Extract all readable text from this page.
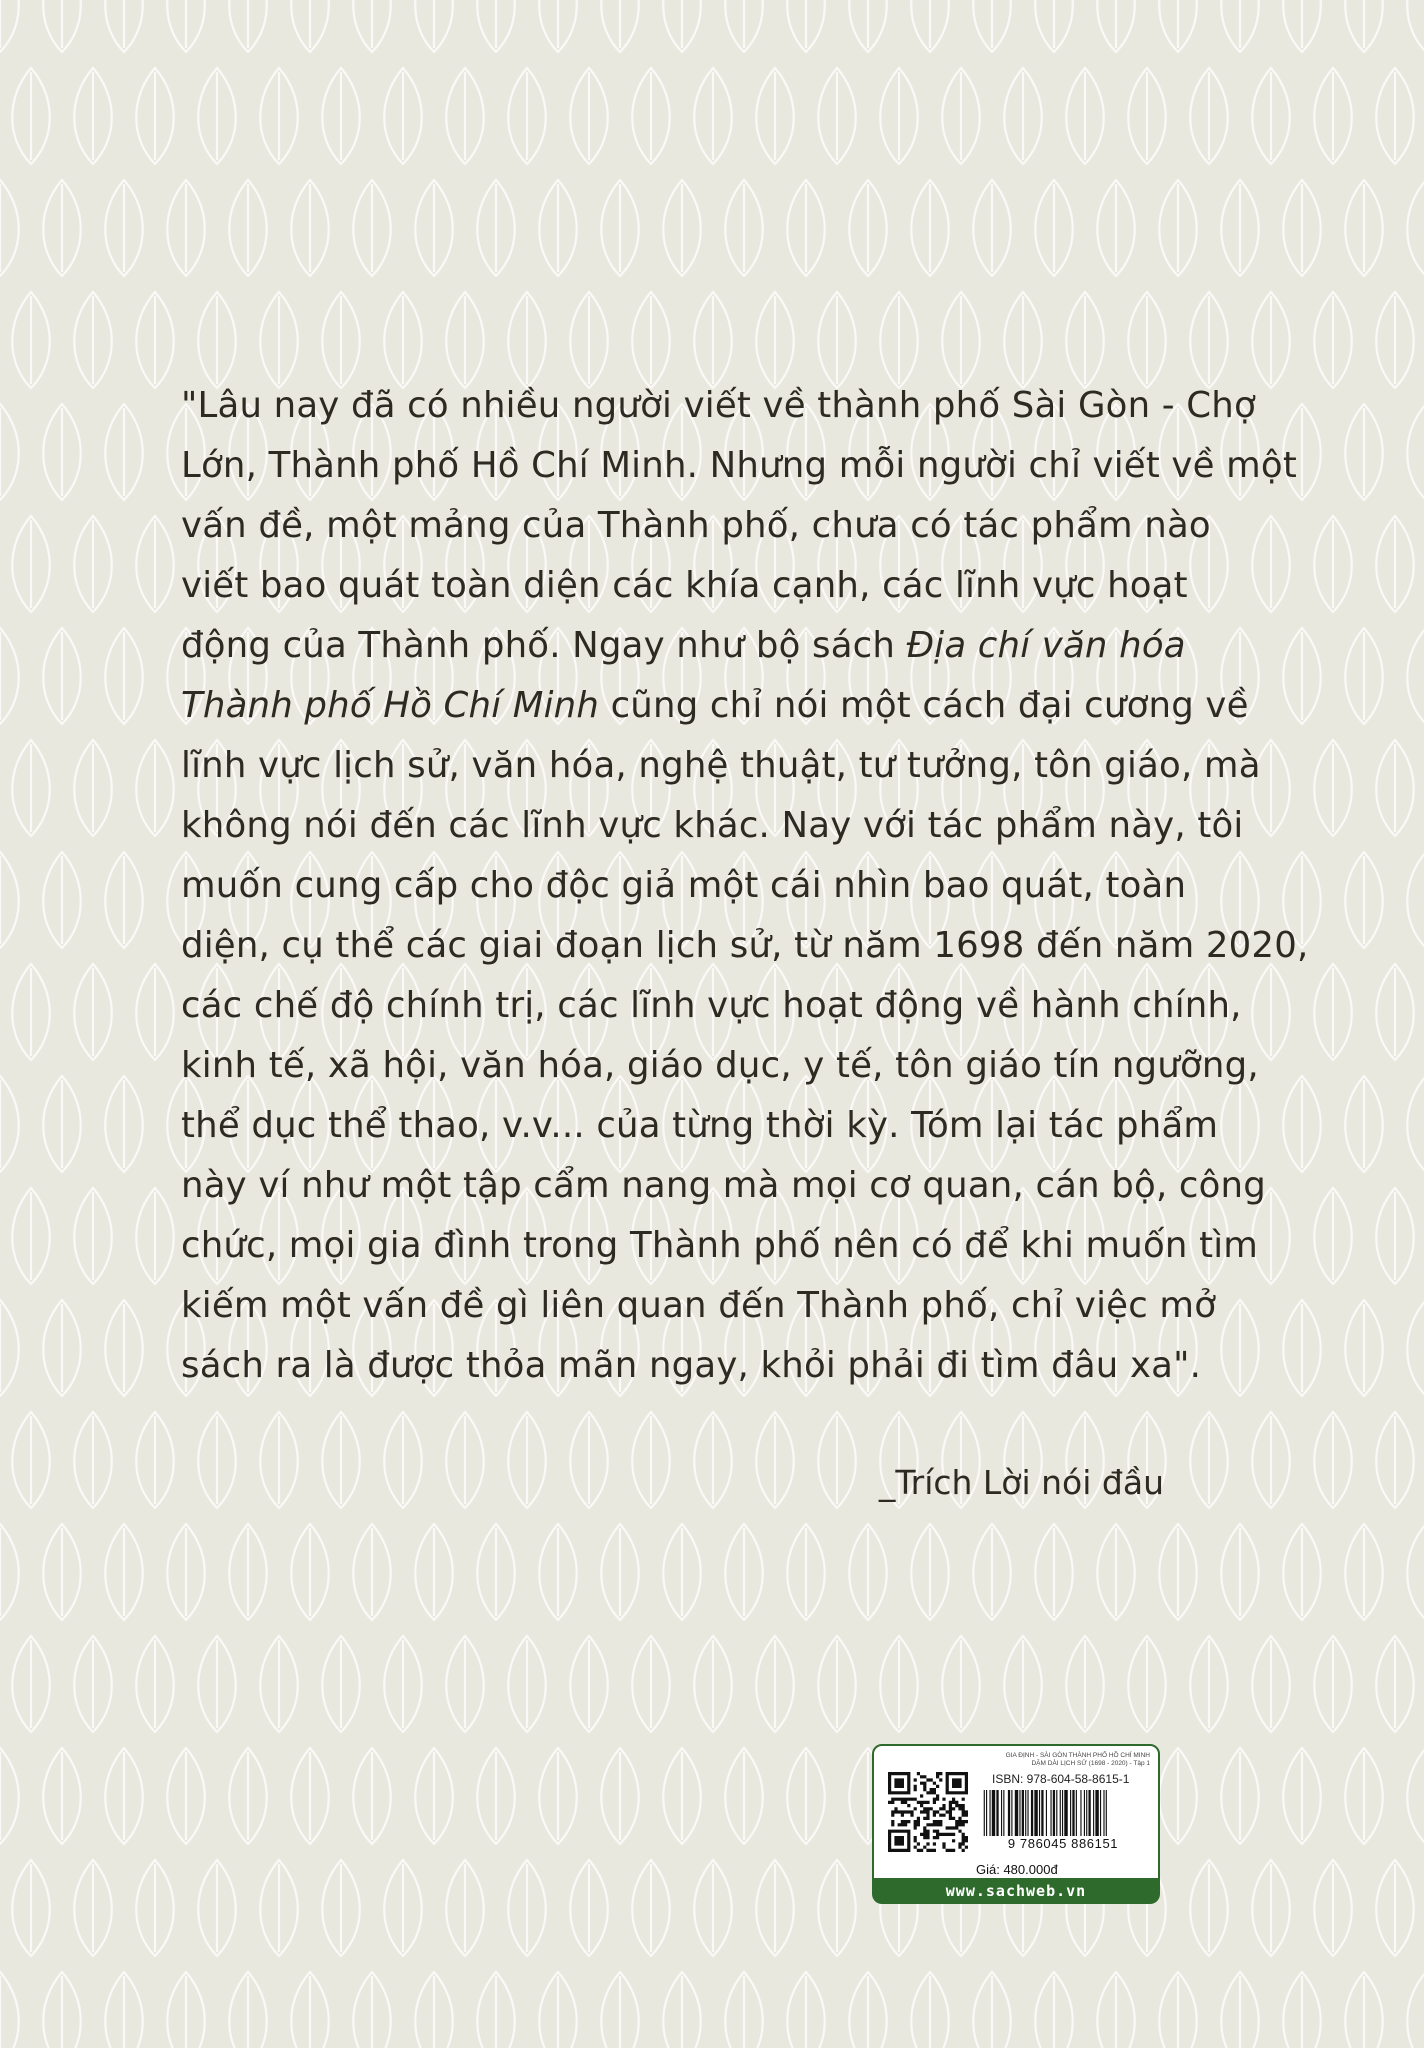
"Lâu nay đã có nhiều người viết về thành phố Sài Gòn - Chợ
Lớn, Thành phố Hồ Chí Minh. Nhưng mỗi người chỉ viết về một
vấn đề, một mảng của Thành phố, chưa có tác phẩm nào
viết bao quát toàn diện các khía cạnh, các lĩnh vực hoạt
động của Thành phố. Ngay như bộ sách Địa chí văn hóa
Thành phố Hồ Chí Minh cũng chỉ nói một cách đại cương về
lĩnh vực lịch sử, văn hóa, nghệ thuật, tư tưởng, tôn giáo, mà
không nói đến các lĩnh vực khác. Nay với tác phẩm này, tôi
muốn cung cấp cho độc giả một cái nhìn bao quát, toàn
diện, cụ thể các giai đoạn lịch sử, từ năm 1698 đến năm 2020,
các chế độ chính trị, các lĩnh vực hoạt động về hành chính,
kinh tế, xã hội, văn hóa, giáo dục, y tế, tôn giáo tín ngưỡng,
thể dục thể thao, v.v... của từng thời kỳ. Tóm lại tác phẩm
này ví như một tập cẩm nang mà mọi cơ quan, cán bộ, công
chức, mọi gia đình trong Thành phố nên có để khi muốn tìm
kiếm một vấn đề gì liên quan đến Thành phố, chỉ việc mở
sách ra là được thỏa mãn ngay, khỏi phải đi tìm đâu xa".
_Trích Lời nói đầu
GIA ĐỊNH - SÀI GÒN THÀNH PHỐ HỒ CHÍ MINH
DẶM DÀI LỊCH SỬ (1698 - 2020) - Tập 1
ISBN: 978-604-58-8615-1
9 786045 886151
Giá: 480.000đ
www.sachweb.vn
